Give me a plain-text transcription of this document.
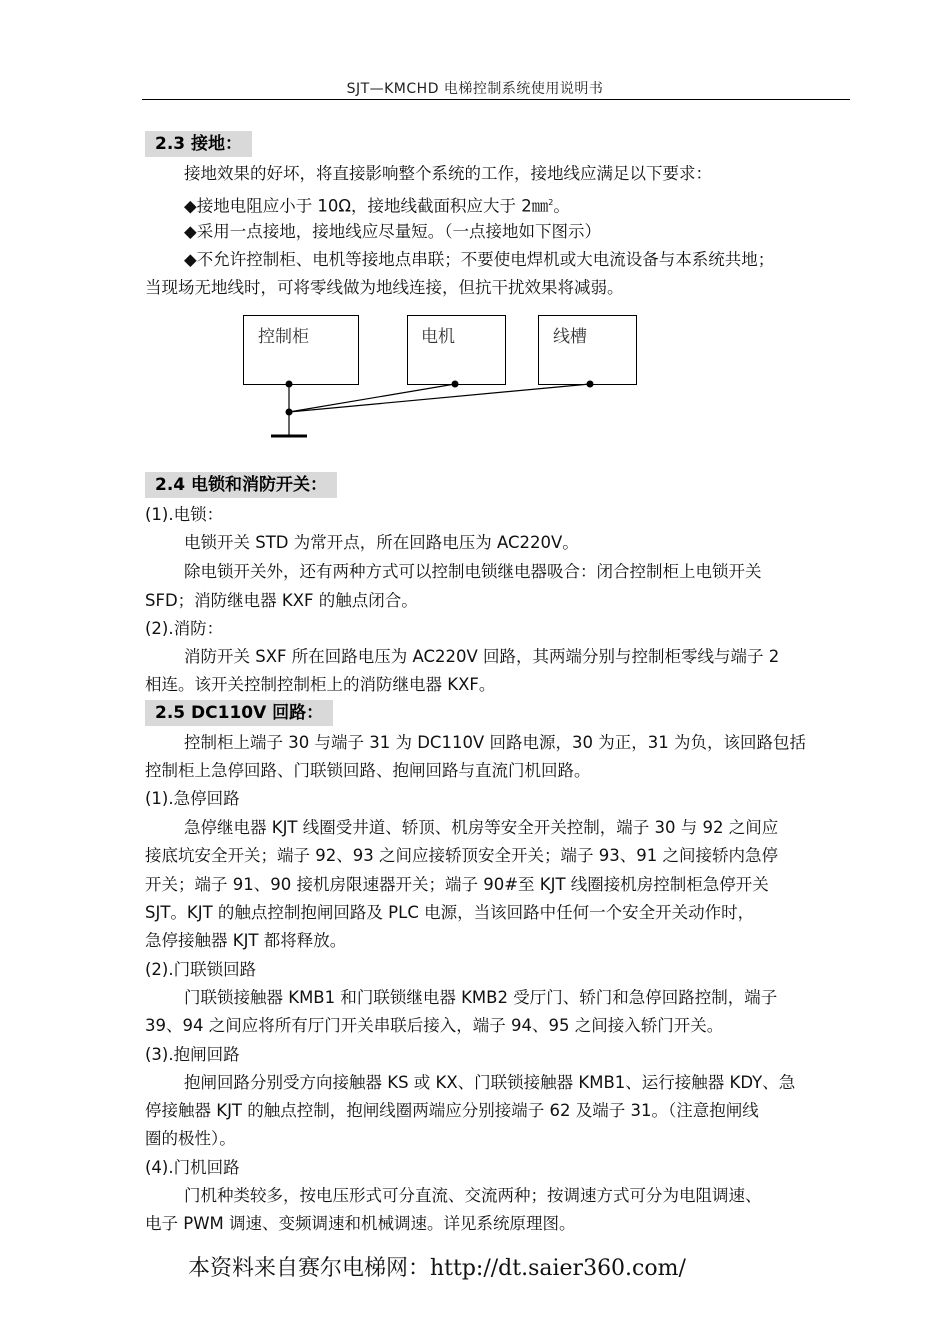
SJT—KMCHD 电梯控制系统使用说明书
2.3 接地：
接地效果的好坏，将直接影响整个系统的工作，接地线应满足以下要求：
◆接地电阻应小于 10Ω，接地线截面积应大于 2㎜$^2$。
◆采用一点接地，接地线应尽量短。（一点接地如下图示）
◆不允许控制柜、电机等接地点串联；不要使电焊机或大电流设备与本系统共地；
当现场无地线时，可将零线做为地线连接，但抗干扰效果将减弱。
控制柜	电机	线槽
2.4 电锁和消防开关：
(1).电锁：
电锁开关 STD 为常开点，所在回路电压为 AC220V。
除电锁开关外，还有两种方式可以控制电锁继电器吸合：闭合控制柜上电锁开关
SFD；消防继电器 KXF 的触点闭合。
(2).消防：
消防开关 SXF 所在回路电压为 AC220V 回路，其两端分别与控制柜零线与端子 2
相连。该开关控制控制柜上的消防继电器 KXF。
2.5 DC110V 回路：
控制柜上端子 30 与端子 31 为 DC110V 回路电源，30 为正，31 为负，该回路包括
控制柜上急停回路、门联锁回路、抱闸回路与直流门机回路。
(1).急停回路
急停继电器 KJT 线圈受井道、轿顶、机房等安全开关控制，端子 30 与 92 之间应
接底坑安全开关；端子 92、93 之间应接轿顶安全开关；端子 93、91 之间接轿内急停
开关；端子 91、90 接机房限速器开关；端子 90#至 KJT 线圈接机房控制柜急停开关
SJT。KJT 的触点控制抱闸回路及 PLC 电源，当该回路中任何一个安全开关动作时，
急停接触器 KJT 都将释放。
(2).门联锁回路
门联锁接触器 KMB1 和门联锁继电器 KMB2 受厅门、轿门和急停回路控制，端子
39、94 之间应将所有厅门开关串联后接入，端子 94、95 之间接入轿门开关。
(3).抱闸回路
抱闸回路分别受方向接触器 KS 或 KX、门联锁接触器 KMB1、运行接触器 KDY、急
停接触器 KJT 的触点控制，抱闸线圈两端应分别接端子 62 及端子 31。（注意抱闸线
圈的极性）。
(4).门机回路
门机种类较多，按电压形式可分直流、交流两种；按调速方式可分为电阻调速、
电子 PWM 调速、变频调速和机械调速。详见系统原理图。
本资料来自赛尔电梯网：http://dt.saier360.com/
